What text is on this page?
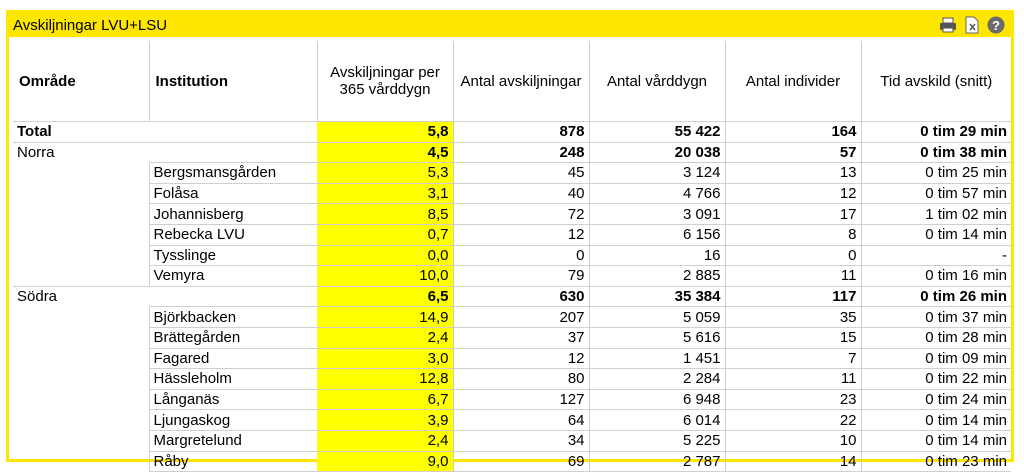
Avskiljningar LVU+LSU	?
Område	Institution	Avskiljningar per 365 vårddygn	Antal avskiljningar	Antal vårddygn	Antal individer	Tid avskild (snitt)
Total		5,8	878	55 422	164	0 tim 29 min
Norra		4,5	248	20 038	57	0 tim 38 min
	Bergsmansgården	5,3	45	3 124	13	0 tim 25 min
	Folåsa	3,1	40	4 766	12	0 tim 57 min
	Johannisberg	8,5	72	3 091	17	1 tim 02 min
	Rebecka LVU	0,7	12	6 156	8	0 tim 14 min
	Tysslinge	0,0	0	16	0	-
	Vemyra	10,0	79	2 885	11	0 tim 16 min
Södra		6,5	630	35 384	117	0 tim 26 min
	Björkbacken	14,9	207	5 059	35	0 tim 37 min
	Brättegården	2,4	37	5 616	15	0 tim 28 min
	Fagared	3,0	12	1 451	7	0 tim 09 min
	Hässleholm	12,8	80	2 284	11	0 tim 22 min
	Långanäs	6,7	127	6 948	23	0 tim 24 min
	Ljungaskog	3,9	64	6 014	22	0 tim 14 min
	Margretelund	2,4	34	5 225	10	0 tim 14 min
	Råby	9,0	69	2 787	14	0 tim 23 min
